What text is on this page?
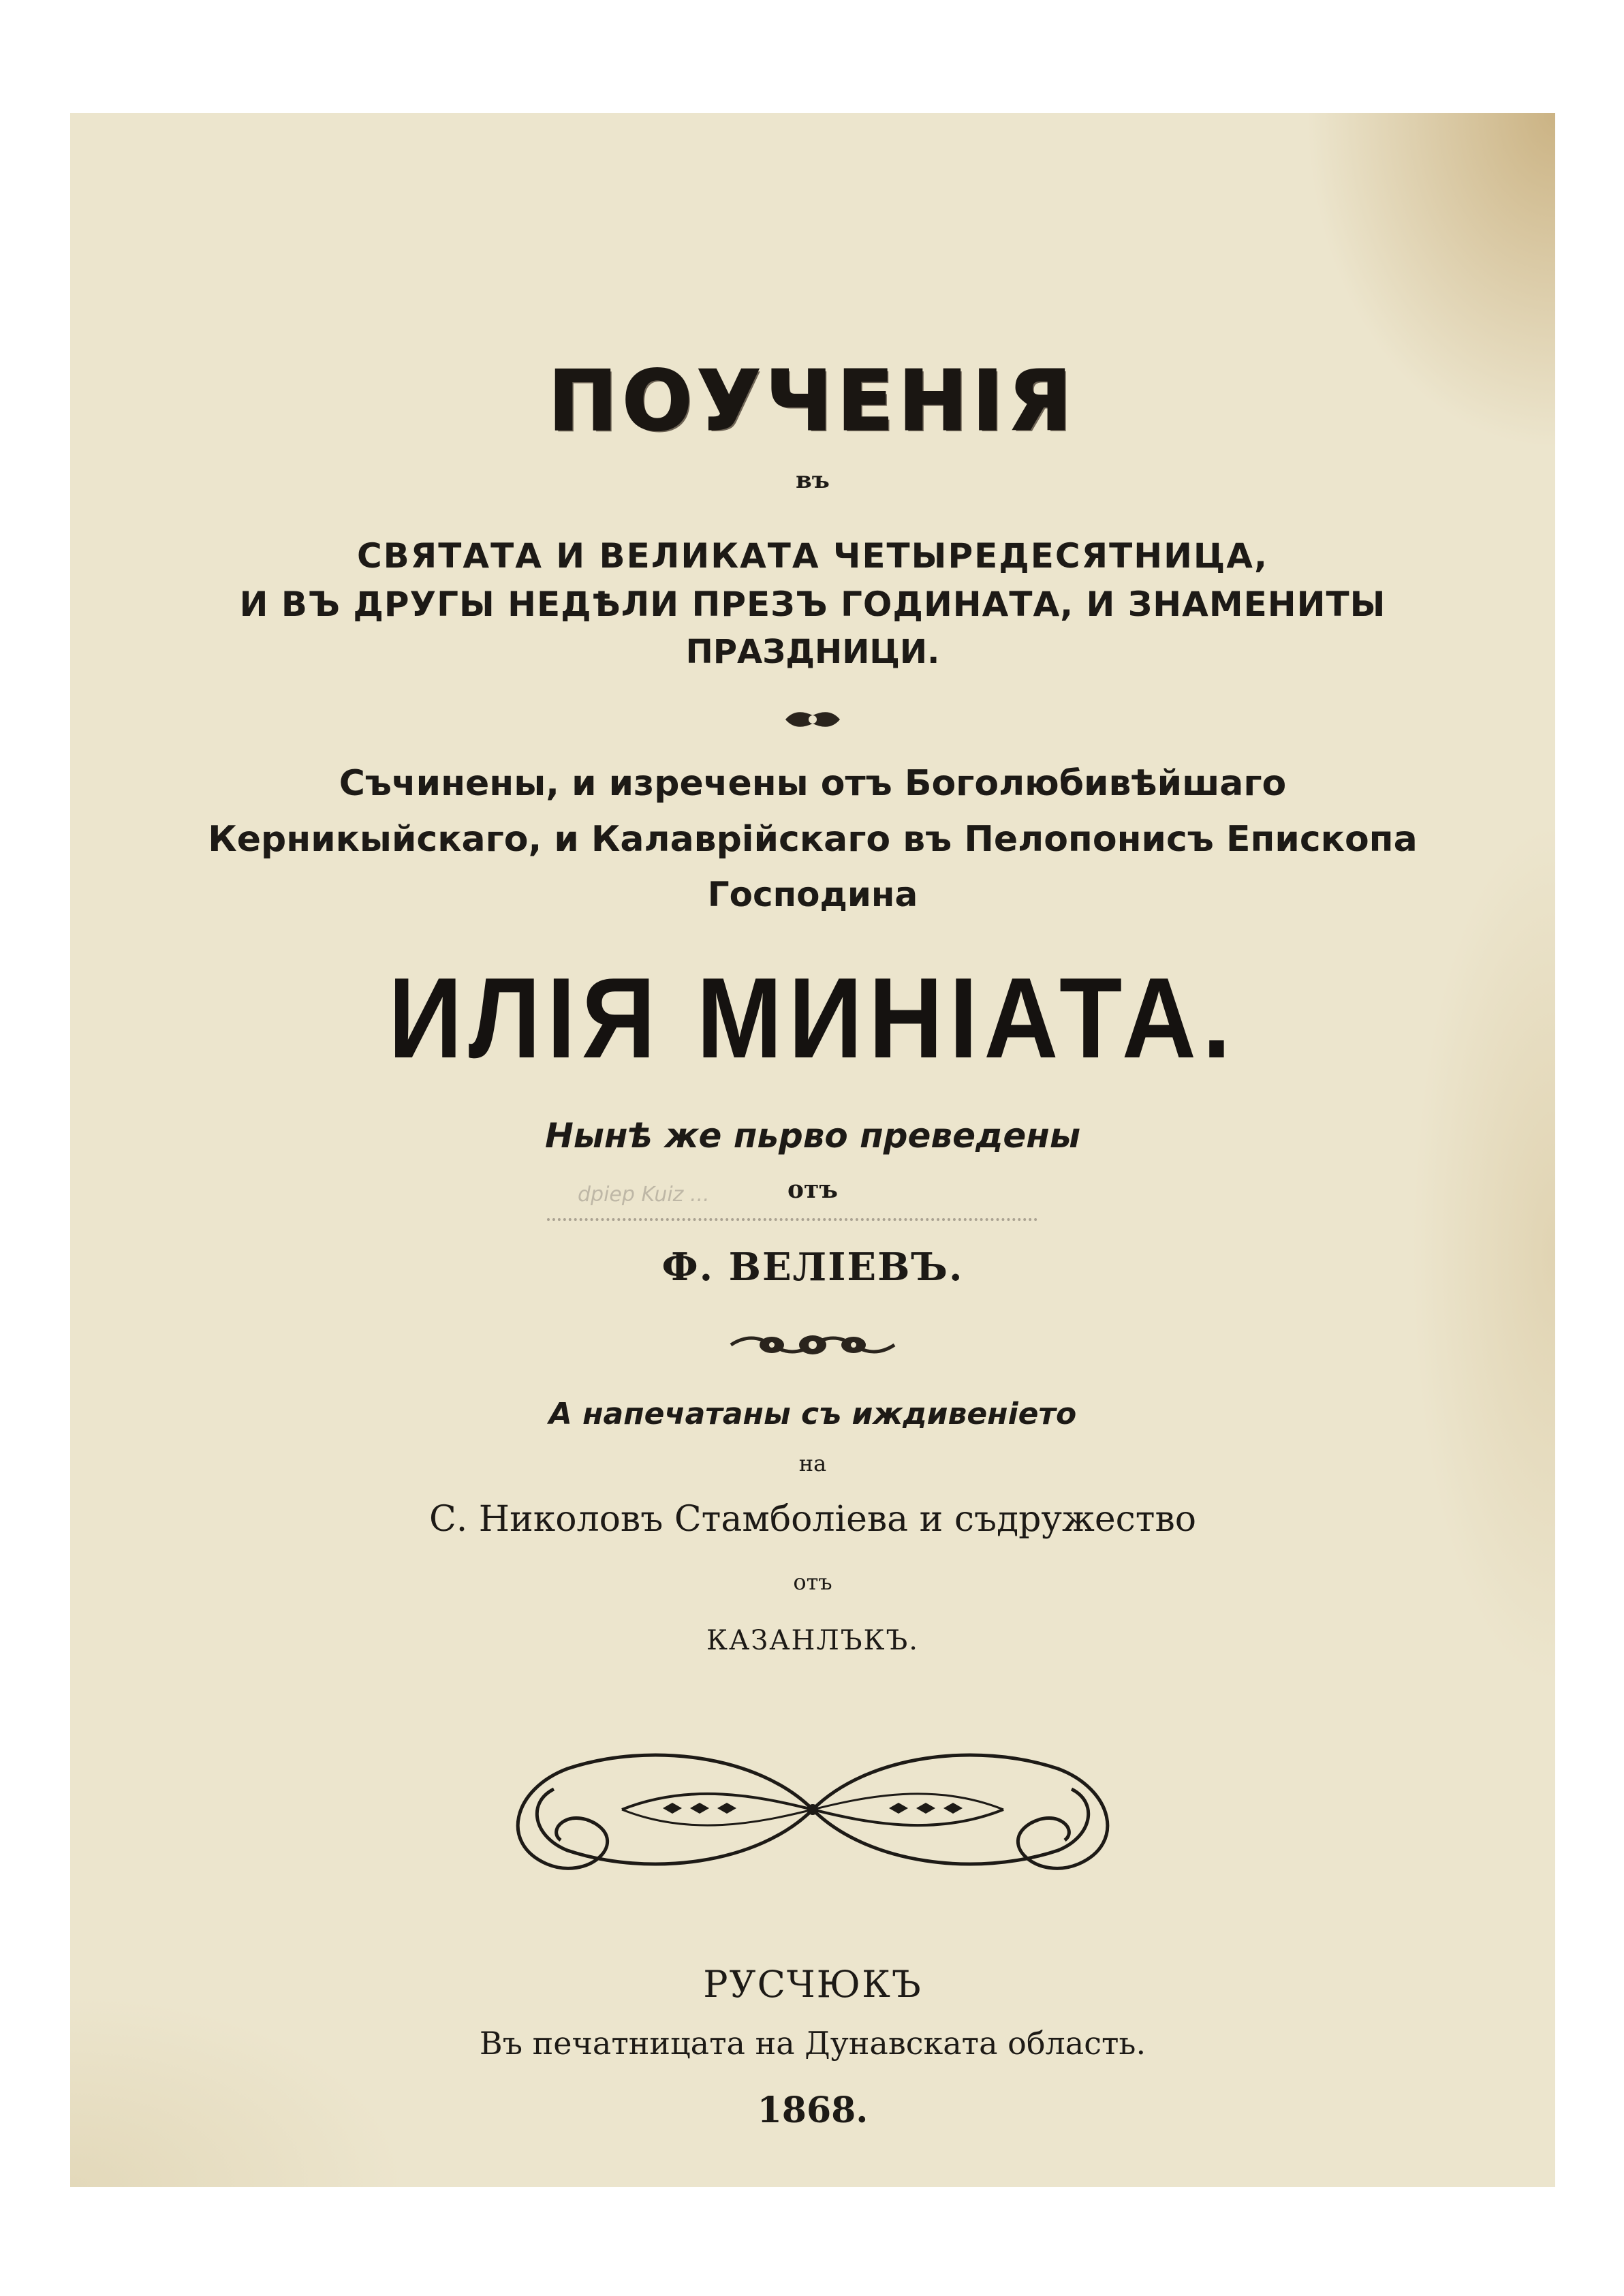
ПОУЧЕНІЯ
въ
СВЯТАТА И ВЕЛИКАТА ЧЕТЫРЕДЕСЯТНИЦА,
И ВЪ ДРУГЫ НЕДѢЛИ ПРЕЗЪ ГОДИНАТА, И ЗНАМЕНИТЫ
ПРАЗДНИЦИ.
Съчинены, и изречены отъ Боголюбивѣйшаго
Керникыйскаго, и Калаврійскаго въ Пелопонисъ Епископа
Господина
ИЛІЯ МИНІАТА.
Нынѣ же пьрво преведены
dpiep Kuiz ...	отъ
Ф. ВЕЛІЕВЪ.
А напечатаны съ иждивеніето
на
С. Николовъ Стамболіева и съдружество
отъ
КАЗАНЛЪКЪ.
РУСЧЮКЪ
Въ печатницата на Дунавската область.
1868.
